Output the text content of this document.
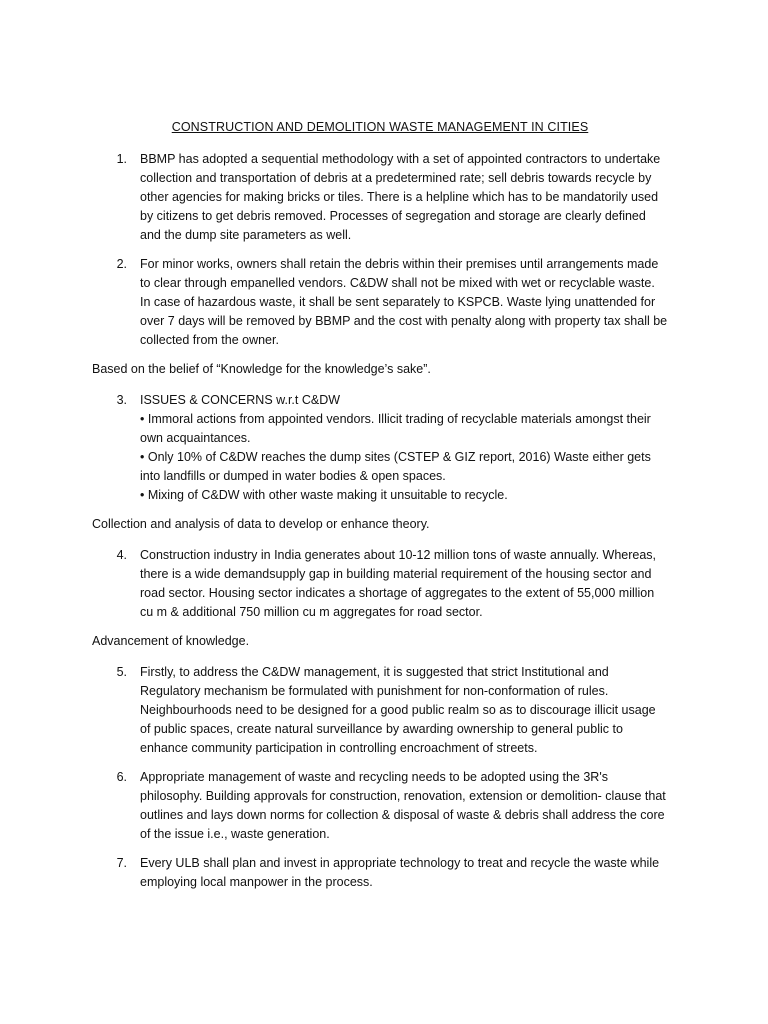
CONSTRUCTION AND DEMOLITION WASTE MANAGEMENT IN CITIES
1.	BBMP has adopted a sequential methodology with a set of appointed contractors to undertake collection and transportation of debris at a predetermined rate; sell debris towards recycle by other agencies for making bricks or tiles. There is a helpline which has to be mandatorily used by citizens to get debris removed. Processes of segregation and storage are clearly defined and the dump site parameters as well.
2.	For minor works, owners shall retain the debris within their premises until arrangements made to clear through empanelled vendors. C&DW shall not be mixed with wet or recyclable waste. In case of hazardous waste, it shall be sent separately to KSPCB. Waste lying unattended for over 7 days will be removed by BBMP and the cost with penalty along with property tax shall be collected from the owner.
Based on the belief of “Knowledge for the knowledge’s sake”.
3.	ISSUES & CONCERNS w.r.t C&DW
• Immoral actions from appointed vendors. Illicit trading of recyclable materials amongst their own acquaintances.
• Only 10% of C&DW reaches the dump sites (CSTEP & GIZ report, 2016) Waste either gets into landfills or dumped in water bodies & open spaces.
• Mixing of C&DW with other waste making it unsuitable to recycle.
Collection and analysis of data to develop or enhance theory.
4.	Construction industry in India generates about 10-12 million tons of waste annually. Whereas, there is a wide demandsupply gap in building material requirement of the housing sector and road sector. Housing sector indicates a shortage of aggregates to the extent of 55,000 million cu m & additional 750 million cu m aggregates for road sector.
Advancement of knowledge.
5.	Firstly, to address the C&DW management, it is suggested that strict Institutional and Regulatory mechanism be formulated with punishment for non-conformation of rules. Neighbourhoods need to be designed for a good public realm so as to discourage illicit usage of public spaces, create natural surveillance by awarding ownership to general public to enhance community participation in controlling encroachment of streets.
6.	Appropriate management of waste and recycling needs to be adopted using the 3R's philosophy. Building approvals for construction, renovation, extension or demolition- clause that outlines and lays down norms for collection & disposal of waste & debris shall address the core of the issue i.e., waste generation.
7.	Every ULB shall plan and invest in appropriate technology to treat and recycle the waste while employing local manpower in the process.
